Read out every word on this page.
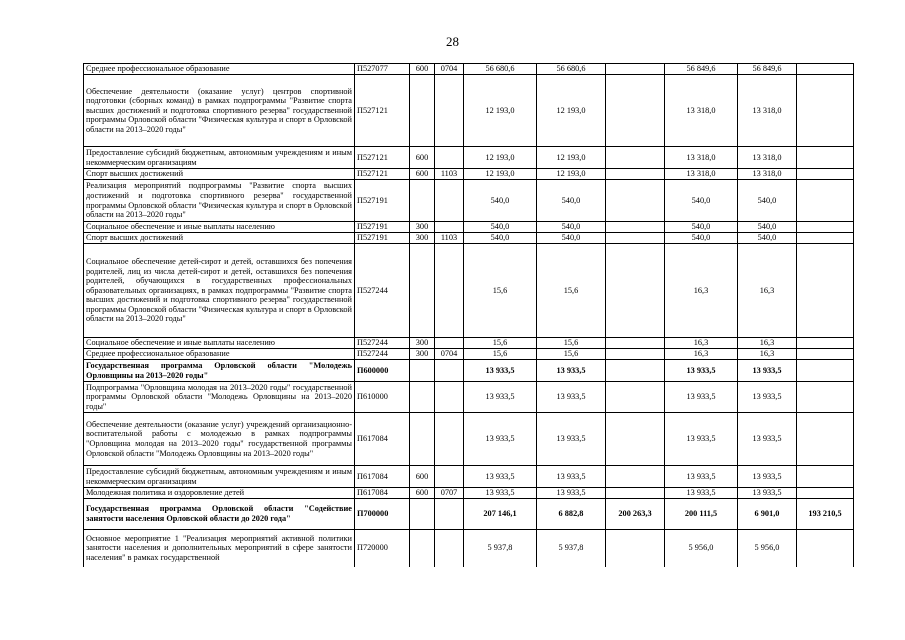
28
Среднее профессиональное образование	П527077	600	0704	56 680,6	56 680,6		56 849,6	56 849,6	
Обеспечение деятельности (оказание услуг) центров спортивной подготовки (сборных команд) в рамках подпрограммы "Развитие спорта высших достижений и подготовка спортивного резерва" государственной программы Орловской области "Физическая культура и спорт в Орловской области на 2013–2020 годы"	П527121			12 193,0	12 193,0		13 318,0	13 318,0	
Предоставление субсидий бюджетным, автономным учреждениям и иным некоммерческим организациям	П527121	600		12 193,0	12 193,0		13 318,0	13 318,0	
Спорт высших достижений	П527121	600	1103	12 193,0	12 193,0		13 318,0	13 318,0	
Реализация мероприятий подпрограммы "Развитие спорта высших достижений и подготовка спортивного резерва" государственной программы Орловской области "Физическая культура и спорт в Орловской области на 2013–2020 годы"	П527191			540,0	540,0		540,0	540,0	
Социальное обеспечение и иные выплаты населению	П527191	300		540,0	540,0		540,0	540,0	
Спорт высших достижений	П527191	300	1103	540,0	540,0		540,0	540,0	
Социальное обеспечение детей-сирот и детей, оставшихся без попечения родителей, лиц из числа детей-сирот и детей, оставшихся без попечения родителей, обучающихся в государственных профессиональных образовательных организациях, в рамках подпрограммы "Развитие спорта высших достижений и подготовка спортивного резерва" государственной программы Орловской области "Физическая культура и спорт в Орловской области на 2013–2020 годы"	П527244			15,6	15,6		16,3	16,3	
Социальное обеспечение и иные выплаты населению	П527244	300		15,6	15,6		16,3	16,3	
Среднее профессиональное образование	П527244	300	0704	15,6	15,6		16,3	16,3	
Государственная программа Орловской области "Молодежь Орловщины на 2013–2020 годы"	П600000			13 933,5	13 933,5		13 933,5	13 933,5	
Подпрограмма "Орловщина молодая на 2013–2020 годы" государственной программы Орловской области "Молодежь Орловщины на 2013–2020 годы"	П610000			13 933,5	13 933,5		13 933,5	13 933,5	
Обеспечение деятельности (оказание услуг) учреждений организационно-воспитательной работы с молодежью в рамках подпрограммы "Орловщина молодая на 2013–2020 годы" государственной программы Орловской области "Молодежь Орловщины на 2013–2020 годы"	П617084			13 933,5	13 933,5		13 933,5	13 933,5	
Предоставление субсидий бюджетным, автономным учреждениям и иным некоммерческим организациям	П617084	600		13 933,5	13 933,5		13 933,5	13 933,5	
Молодежная политика и оздоровление детей	П617084	600	0707	13 933,5	13 933,5		13 933,5	13 933,5	
Государственная программа Орловской области "Содействие занятости населения Орловской области до 2020 года"	П700000			207 146,1	6 882,8	200 263,3	200 111,5	6 901,0	193 210,5
Основное мероприятие 1 "Реализация мероприятий активной политики занятости населения и дополнительных мероприятий в сфере занятости населения" в рамках государственной	П720000			5 937,8	5 937,8		5 956,0	5 956,0	
